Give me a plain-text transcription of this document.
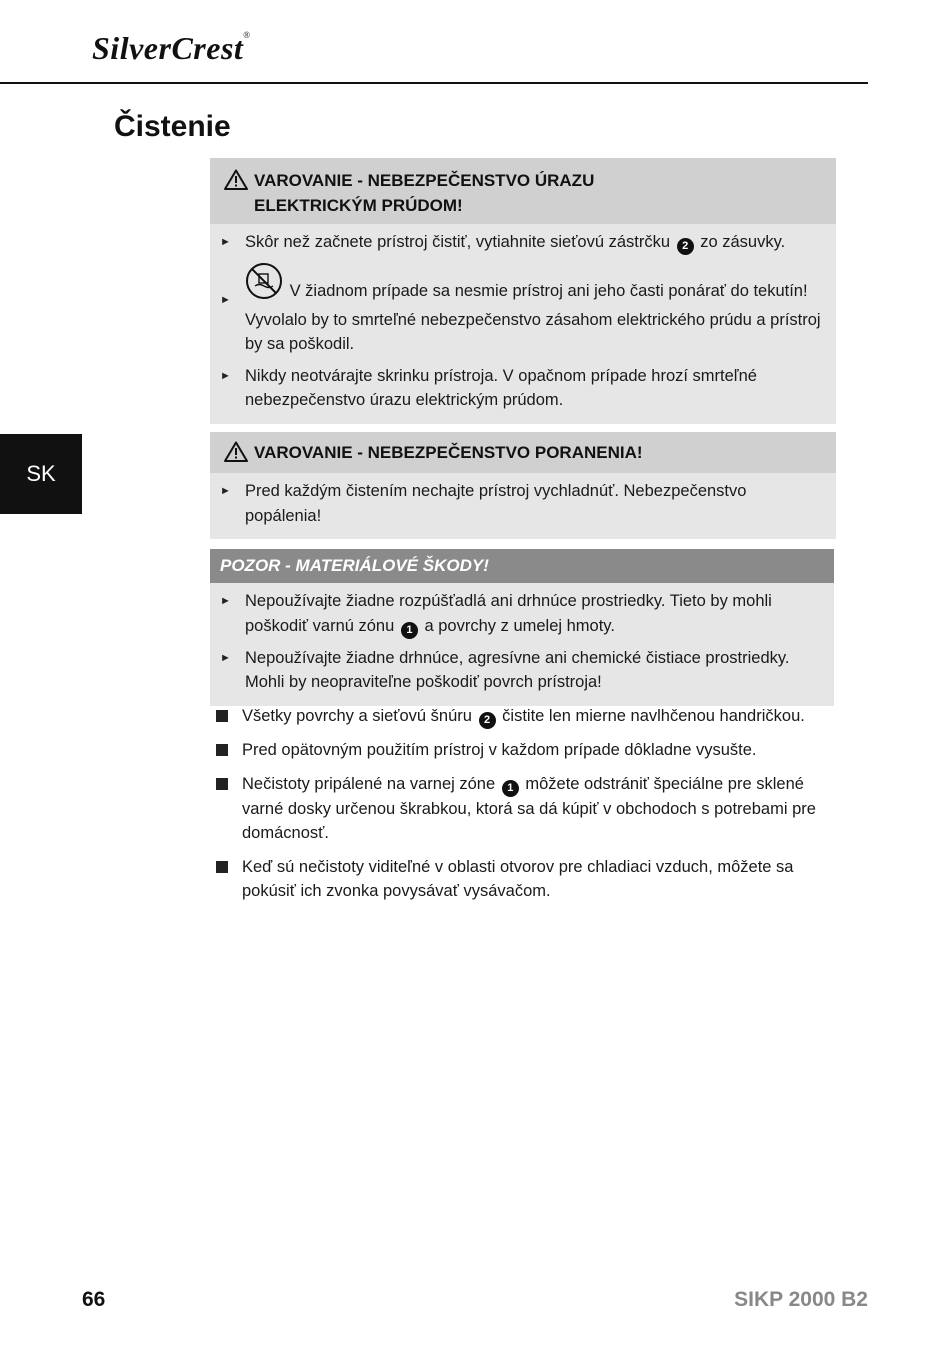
SilverCrest®
Čistenie
SK
VAROVANIE - NEBEZPEČENSTVO ÚRAZU
ELEKTRICKÝM PRÚDOM!
► Skôr než začnete prístroj čistiť, vytiahnite sieťovú zástrčku 2 zo zásuvky.
►	V žiadnom prípade sa nesmie prístroj ani jeho časti ponárať do tekutín! Vyvolalo by to smrteľné nebezpečenstvo zásahom elektrického prúdu a prístroj by sa poškodil.
► Nikdy neotvárajte skrinku prístroja. V opačnom prípade hrozí smrteľné nebezpečenstvo úrazu elektrickým prúdom.
VAROVANIE - NEBEZPEČENSTVO PORANENIA!
► Pred každým čistením nechajte prístroj vychladnúť. Nebezpečenstvo popálenia!
POZOR - MATERIÁLOVÉ ŠKODY!
► Nepoužívajte žiadne rozpúšťadlá ani drhnúce prostriedky. Tieto by mohli poškodiť varnú zónu 1 a povrchy z umelej hmoty.
► Nepoužívajte žiadne drhnúce, agresívne ani chemické čistiace prostriedky. Mohli by neopraviteľne poškodiť povrch prístroja!
Všetky povrchy a sieťovú šnúru 2 čistite len mierne navlhčenou handričkou.
Pred opätovným použitím prístroj v každom prípade dôkladne vysušte.
Nečistoty pripálené na varnej zóne 1 môžete odstrániť špeciálne pre sklené varné dosky určenou škrabkou, ktorá sa dá kúpiť v obchodoch s potrebami pre domácnosť.
Keď sú nečistoty viditeľné v oblasti otvorov pre chladiaci vzduch, môžete sa pokúsiť ich zvonka povysávať vysávačom.
66	SIKP 2000 B2
